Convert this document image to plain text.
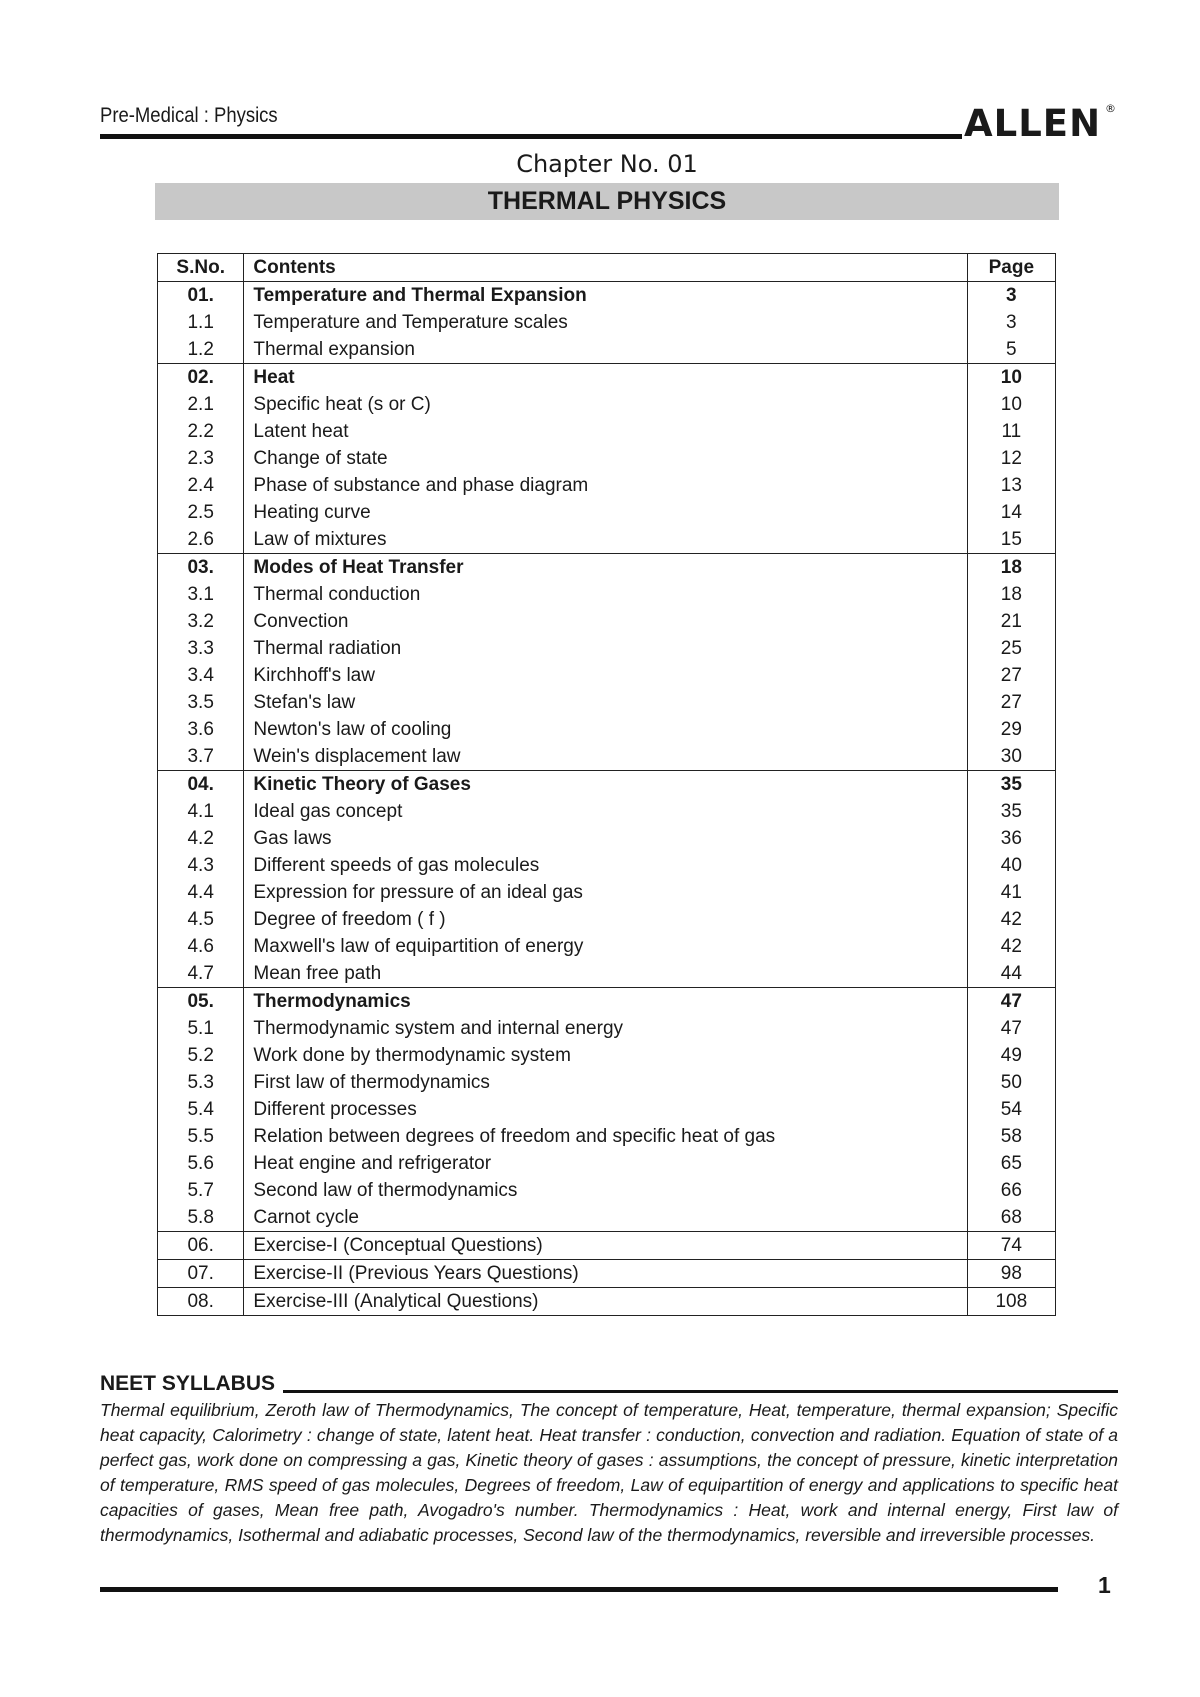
Pre-Medical : Physics	ALLEN ®
Chapter No. 01
THERMAL PHYSICS
S.No.	Contents	Page
01.	Temperature and Thermal Expansion	3
1.1	Temperature and Temperature scales	3
1.2	Thermal expansion	5
02.	Heat	10
2.1	Specific heat (s or C)	10
2.2	Latent heat	11
2.3	Change of state	12
2.4	Phase of substance and phase diagram	13
2.5	Heating curve	14
2.6	Law of mixtures	15
03.	Modes of Heat Transfer	18
3.1	Thermal conduction	18
3.2	Convection	21
3.3	Thermal radiation	25
3.4	Kirchhoff's law	27
3.5	Stefan's law	27
3.6	Newton's law of cooling	29
3.7	Wein's displacement law	30
04.	Kinetic Theory of Gases	35
4.1	Ideal gas concept	35
4.2	Gas laws	36
4.3	Different speeds of gas molecules	40
4.4	Expression for pressure of an ideal gas	41
4.5	Degree of freedom ( f )	42
4.6	Maxwell's law of equipartition of energy	42
4.7	Mean free path	44
05.	Thermodynamics	47
5.1	Thermodynamic system and internal energy	47
5.2	Work done by thermodynamic system	49
5.3	First law of thermodynamics	50
5.4	Different processes	54
5.5	Relation between degrees of freedom and specific heat of gas	58
5.6	Heat engine and refrigerator	65
5.7	Second law of thermodynamics	66
5.8	Carnot cycle	68
06.	Exercise-I (Conceptual Questions)	74
07.	Exercise-II (Previous Years Questions)	98
08.	Exercise-III (Analytical Questions)	108
NEET SYLLABUS
Thermal equilibrium, Zeroth law of Thermodynamics, The concept of temperature, Heat, temperature, thermal expansion; Specific heat capacity, Calorimetry : change of state, latent heat. Heat transfer : conduction, convection and radiation. Equation of state of a perfect gas, work done on compressing a gas, Kinetic theory of gases : assumptions, the concept of pressure, kinetic interpretation of temperature, RMS speed of gas molecules, Degrees of freedom, Law of equipartition of energy and applications to specific heat capacities of gases, Mean free path, Avogadro's number. Thermodynamics : Heat, work and internal energy, First law of thermodynamics, Isothermal and adiabatic processes, Second law of the thermodynamics, reversible and irreversible processes.
1
